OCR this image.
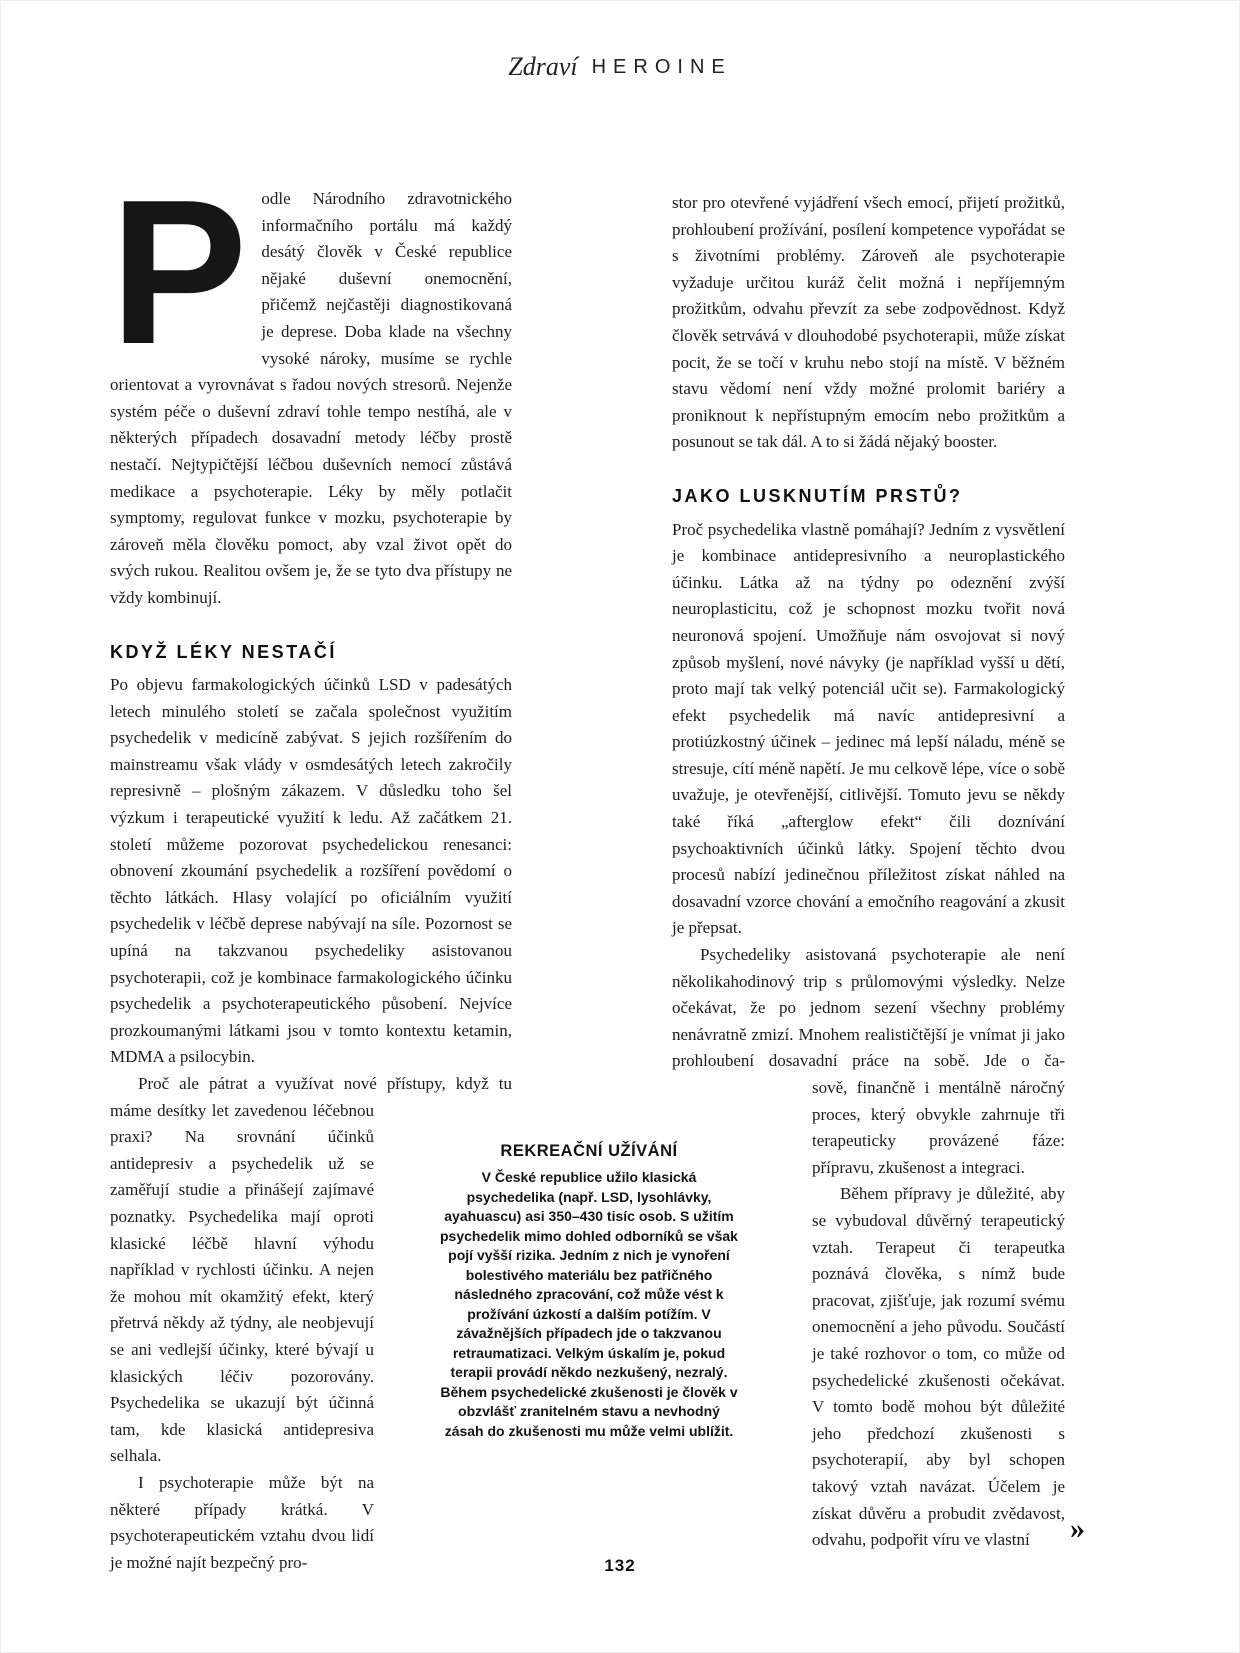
Zdraví HEROINE

P odle Národního zdravotnického informačního portálu má každý desátý člověk v České republice nějaké duševní onemocnění, přičemž nejčastěji diagnostikovaná je deprese. Doba klade na všechny vysoké nároky, musíme se rychle orientovat a vyrovnávat s řadou nových stresorů. Nejenže systém péče o duševní zdraví tohle tempo nestíhá, ale v některých případech dosavadní metody léčby prostě nestačí. Nejtypičtější léčbou duševních nemocí zůstává medikace a psychoterapie. Léky by měly potlačit symptomy, regulovat funkce v mozku, psychoterapie by zároveň měla člověku pomoct, aby vzal život opět do svých rukou. Realitou ovšem je, že se tyto dva přístupy ne vždy kombinují.

KDYŽ LÉKY NESTAČÍ

Po objevu farmakologických účinků LSD v padesátých letech minulého století se začala společnost využitím psychedelik v medicíně zabývat. S jejich rozšířením do mainstreamu však vlády v osmdesátých letech zakročily represivně – plošným zákazem. V důsledku toho šel výzkum i terapeutické využití k ledu. Až začátkem 21. století můžeme pozorovat psychedelickou renesanci: obnovení zkoumání psychedelik a rozšíření povědomí o těchto látkách. Hlasy volající po oficiálním využití psychedelik v léčbě deprese nabývají na síle. Pozornost se upíná na takzvanou psychedeliky asistovanou psychoterapii, což je kombinace farmakologického účinku psychedelik a psychoterapeutického působení. Nejvíce prozkoumanými látkami jsou v tomto kontextu ketamin, MDMA a psilocybin.

Proč ale pátrat a využívat nové přístupy, když tu

máme desítky let zavedenou léčebnou praxi? Na srovnání účinků antidepresiv a psychedelik už se zaměřují studie a přinášejí zajímavé poznatky. Psychedelika mají oproti klasické léčbě hlavní výhodu například v rychlosti účinku. A nejen že mohou mít okamžitý efekt, který přetrvá někdy až týdny, ale neobjevují se ani vedlejší účinky, které bývají u klasických léčiv pozorovány. Psychedelika se ukazují být účinná tam, kde klasická antidepresiva selhala.

I psychoterapie může být na některé případy krátká. V psychoterapeutickém vztahu dvou lidí je možné najít bezpečný pro-

stor pro otevřené vyjádření všech emocí, přijetí prožitků, prohloubení prožívání, posílení kompetence vypořádat se s životními problémy. Zároveň ale psychoterapie vyžaduje určitou kuráž čelit možná i nepříjemným prožitkům, odvahu převzít za sebe zodpovědnost. Když člověk setrvává v dlouhodobé psychoterapii, může získat pocit, že se točí v kruhu nebo stojí na místě. V běžném stavu vědomí není vždy možné prolomit bariéry a proniknout k nepřístupným emocím nebo prožitkům a posunout se tak dál. A to si žádá nějaký booster.

JAKO LUSKNUTÍM PRSTŮ?

Proč psychedelika vlastně pomáhají? Jedním z vysvětlení je kombinace antidepresivního a neuroplastického účinku. Látka až na týdny po odeznění zvýší neuroplasticitu, což je schopnost mozku tvořit nová neuronová spojení. Umožňuje nám osvojovat si nový způsob myšlení, nové návyky (je například vyšší u dětí, proto mají tak velký potenciál učit se). Farmakologický efekt psychedelik má navíc antidepresivní a protiúzkostný účinek – jedinec má lepší náladu, méně se stresuje, cítí méně napětí. Je mu celkově lépe, více o sobě uvažuje, je otevřenější, citlivější. Tomuto jevu se někdy také říká „afterglow efekt“ čili doznívání psychoaktivních účinků látky. Spojení těchto dvou procesů nabízí jedinečnou příležitost získat náhled na dosavadní vzorce chování a emočního reagování a zkusit je přepsat.

Psychedeliky asistovaná psychoterapie ale není několikahodinový trip s průlomovými výsledky. Nelze očekávat, že po jednom sezení všechny problémy nenávratně zmizí. Mnohem realističtější je vnímat ji jako prohloubení dosavadní práce na sobě. Jde o ča-

sově, finančně i mentálně náročný proces, který obvykle zahrnuje tři terapeuticky provázené fáze: přípravu, zkušenost a integraci.

Během přípravy je důležité, aby se vybudoval důvěrný terapeutický vztah. Terapeut či terapeutka poznává člověka, s nímž bude pracovat, zjišťuje, jak rozumí svému onemocnění a jeho původu. Součástí je také rozhovor o tom, co může od psychedelické zkušenosti očekávat. V tomto bodě mohou být důležité jeho předchozí zkušenosti s psychoterapií, aby byl schopen takový vztah navázat. Účelem je získat důvěru a probudit zvědavost, odvahu, podpořit víru ve vlastní

REKREAČNÍ UŽÍVÁNÍ

V České republice užilo klasická psychedelika (např. LSD, lysohlávky, ayahuascu) asi 350–430 tisíc osob. S užitím psychedelik mimo dohled odborníků se však pojí vyšší rizika. Jedním z nich je vynoření bolestivého materiálu bez patřičného následného zpracování, což může vést k prožívání úzkostí a dalším potížím. V závažnějších případech jde o takzvanou retraumatizaci. Velkým úskalím je, pokud terapii provádí někdo nezkušený, nezralý. Během psychedelické zkušenosti je člověk v obzvlášť zranitelném stavu a nevhodný zásah do zkušenosti mu může velmi ublížit.

»
132
